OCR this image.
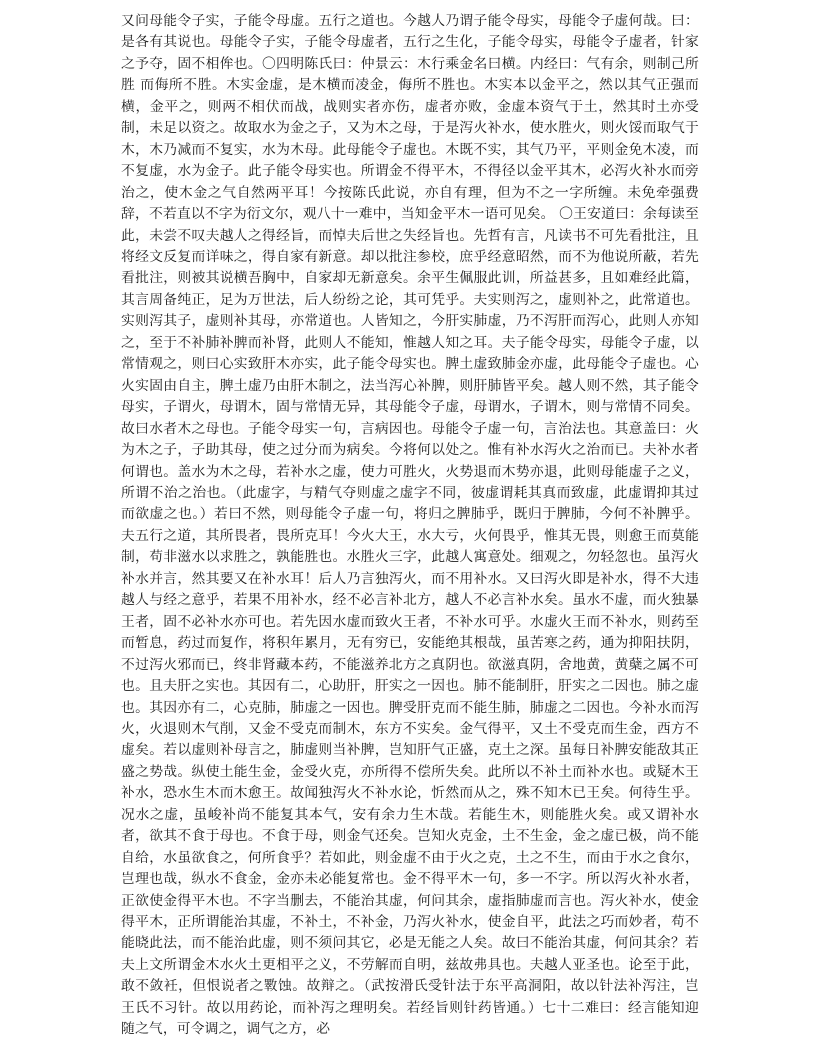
又问母能令子实，子能令母虚。五行之道也。今越人乃谓子能令母实，母能令子虚何哉。曰：是各有其说也。母能令子实，子能令母虚者，五行之生化，子能令母实，母能令子虚者，针家之予夺，固不相侔也。〇四明陈氏曰：仲景云：木行乘金名曰横。内经曰：气有余，则制己所胜 而侮所不胜。木实金虚，是木横而凌金，侮所不胜也。木实本以金平之，然以其气正强而横，金平之，则两不相伏而战，战则实者亦伤，虚者亦败，金虚本资气于土，然其时土亦受制，未足以资之。故取水为金之子，又为木之母，于是泻火补水，使水胜火，则火馁而取气于木，木乃减而不复实，水为木母。此母能令子虚也。木既不实，其气乃平，平则金免木凌，而不复虚，水为金子。此子能令母实也。所谓金不得平木，不得径以金平其木，必泻火补水而旁治之，使木金之气自然两平耳！今按陈氏此说，亦自有理，但为不之一字所缠。未免牵强费辞，不若直以不字为衍文尔，观八十一难中，当知金平木一语可见矣。 〇王安道曰：余每读至此，未尝不叹夫越人之得经旨，而悼夫后世之失经旨也。先哲有言，凡读书不可先看批注，且将经文反复而详味之，得自家有新意。却以批注参校，庶乎经意昭然，而不为他说所蔽，若先看批注，则被其说横吾胸中，自家却无新意矣。余平生佩服此训，所益甚多，且如难经此篇，其言周备纯正，足为万世法，后人纷纷之论，其可凭乎。夫实则泻之，虚则补之，此常道也。实则泻其子，虚则补其母，亦常道也。人皆知之，今肝实肺虚，乃不泻肝而泻心，此则人亦知之，至于不补肺补脾而补肾，此则人不能知，惟越人知之耳。夫子能令母实，母能令子虚，以常情观之，则曰心实致肝木亦实，此子能令母实也。脾土虚致肺金亦虚，此母能令子虚也。心火实固由自主，脾土虚乃由肝木制之，法当泻心补脾，则肝肺皆平矣。越人则不然，其子能令母实，子谓火，母谓木，固与常情无异，其母能令子虚，母谓水，子谓木，则与常情不同矣。故曰水者木之母也。子能令母实一句，言病因也。母能令子虚一句，言治法也。其意盖曰：火为木之子，子助其母，使之过分而为病矣。今将何以处之。惟有补水泻火之治而已。夫补水者何谓也。盖水为木之母，若补水之虚，使力可胜火，火势退而木势亦退，此则母能虚子之义，所谓不治之治也。（此虚字，与精气夺则虚之虚字不同，彼虚谓耗其真而致虚，此虚谓抑其过而欲虚之也。）若曰不然，则母能令子虚一句，将归之脾肺乎，既归于脾肺，今何不补脾乎。夫五行之道，其所畏者，畏所克耳！今火大王，水大亏，火何畏乎，惟其无畏，则愈王而莫能制，苟非滋水以求胜之，孰能胜也。水胜火三字，此越人寓意处。细观之，勿轻忽也。虽泻火补水并言，然其要又在补水耳！后人乃言独泻火，而不用补水。又曰泻火即是补水，得不大违越人与经之意乎，若果不用补水，经不必言补北方，越人不必言补水矣。虽水不虚，而火独暴王者，固不必补水亦可也。若先因水虚而致火王者，不补水可乎。水虚火王而不补水，则药至而暂息，药过而复作，将积年累月，无有穷已，安能绝其根哉，虽苦寒之药，通为抑阳扶阴，不过泻火邪而已，终非肾藏本药，不能滋养北方之真阴也。欲滋真阴，舍地黄，黄蘖之属不可也。且夫肝之实也。其因有二，心助肝，肝实之一因也。肺不能制肝，肝实之二因也。肺之虚也。其因亦有二，心克肺，肺虚之一因也。脾受肝克而不能生肺，肺虚之二因也。今补水而泻火，火退则木气削，又金不受克而制木，东方不实矣。金气得平，又土不受克而生金，西方不虚矣。若以虚则补母言之，肺虚则当补脾，岂知肝气正盛，克土之深。虽每日补脾安能敌其正盛之势哉。纵使土能生金，金受火克，亦所得不偿所失矣。此所以不补土而补水也。或疑木王补水，恐水生木而木愈王。故闻独泻火不补水论，忻然而从之，殊不知木已王矣。何待生乎。况水之虚，虽峻补尚不能复其本气，安有余力生木哉。若能生木，则能胜火矣。或又谓补水者，欲其不食于母也。不食于母，则金气还矣。岂知火克金，土不生金，金之虚已极，尚不能自给，水虽欲食之，何所食乎？若如此，则金虚不由于火之克，土之不生，而由于水之食尔，岂理也哉，纵水不食金，金亦未必能复常也。金不得平木一句，多一不字。所以泻火补水者，正欲使金得平木也。不字当删去，不能治其虚，何问其余，虚指肺虚而言也。泻火补水，使金得平木，正所谓能治其虚，不补土，不补金，乃泻火补水，使金自平，此法之巧而妙者，苟不能晓此法，而不能治此虚，则不须问其它，必是无能之人矣。故曰不能治其虚，何问其余？若夫上文所谓金木水火土更相平之义，不劳解而自明，兹故弗具也。夫越人亚圣也。论至于此，敢不敛衽，但恨说者之斁蚀。故辩之。（武按滑氏受针法于东平高洞阳，故以针法补泻注，岂王氏不习针。故以用药论，而补泻之理明矣。若经旨则针药皆通。）七十二难曰：经言能知迎随之气，可令调之，调气之方，必
